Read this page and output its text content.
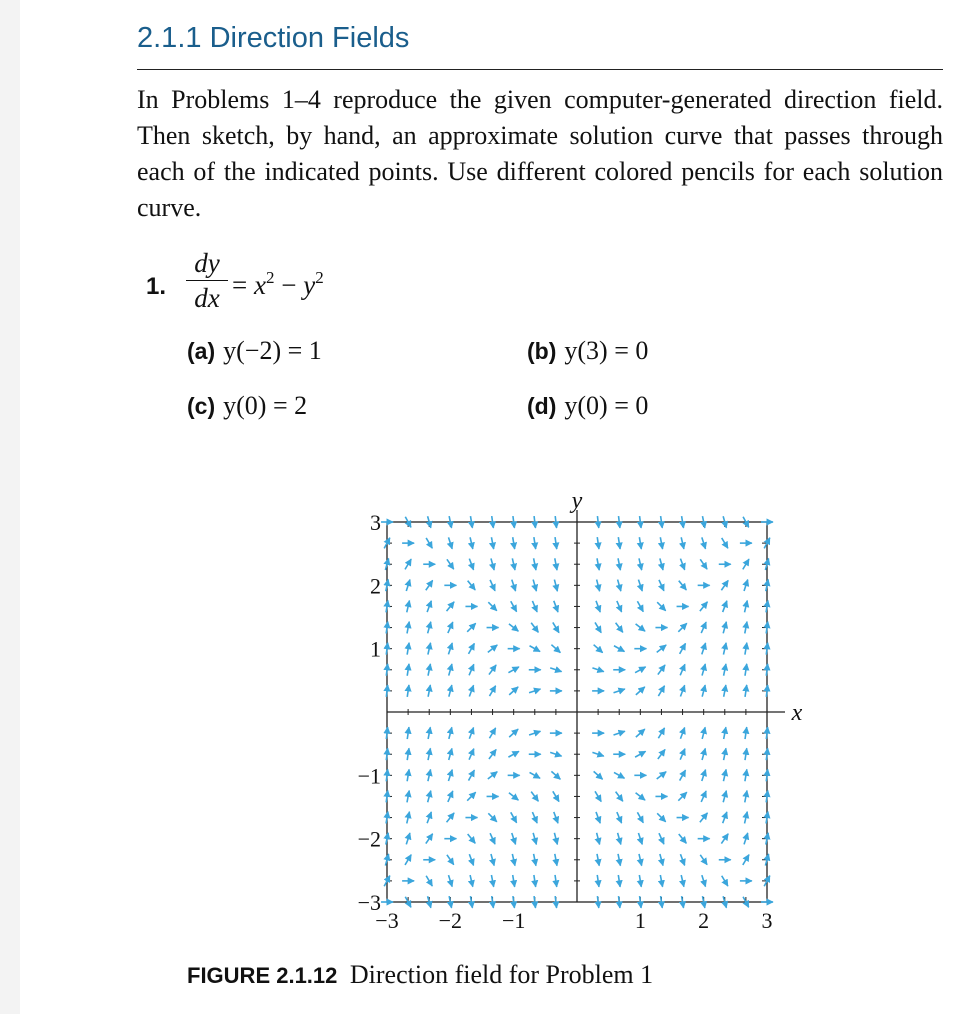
2.1.1 Direction Fields
In Problems 1–4 reproduce the given computer-generated direction field. Then sketch, by hand, an approximate solution curve that passes through each of the indicated points. Use different colored pencils for each solution curve.
1.
dy
dx = $x^2 - y^2$
(a) y(−2) = 1	(b) y(3) = 0
(c) y(0) = 2	(d) y(0) = 0
−3 −2 −1	1 2 3
3
2
1
−1
−2
−3
x
y
FIGURE 2.1.12 Direction field for Problem 1
